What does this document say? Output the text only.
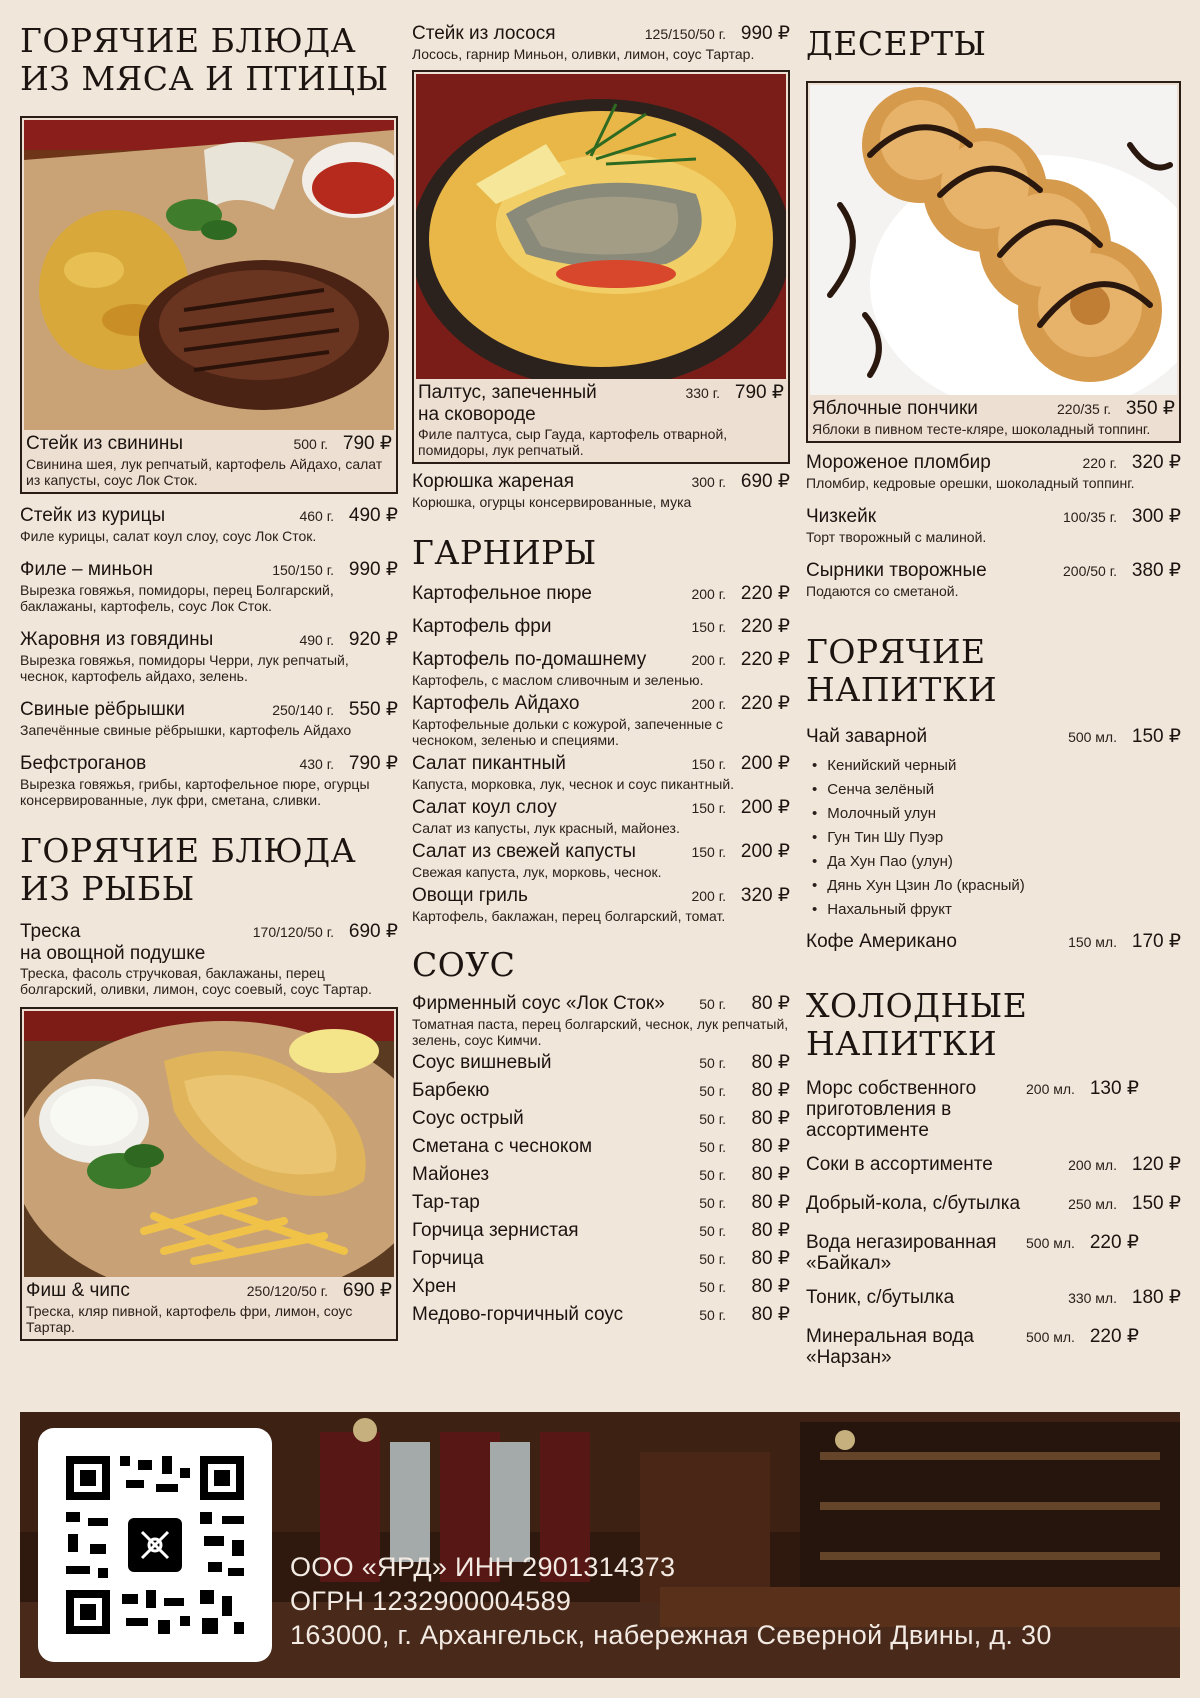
ГОРЯЧИЕ БЛЮДА
ИЗ МЯСА И ПТИЦЫ
Стейк из свинины	500 г. 790 ₽
Свинина шея, лук репчатый, картофель Айдахо, салат из капусты, соус Лок Сток.
Стейк из курицы	460 г. 490 ₽
Филе курицы, салат коул слоу, соус Лок Сток.
Филе – миньон	150/150 г. 990 ₽
Вырезка говяжья, помидоры, перец Болгарский, баклажаны, картофель, соус Лок Сток.
Жаровня из говядины	490 г. 920 ₽
Вырезка говяжья, помидоры Черри, лук репчатый, чеснок, картофель айдахо, зелень.
Свиные рёбрышки	250/140 г. 550 ₽
Запечённые свиные рёбрышки, картофель Айдахо
Бефстроганов	430 г. 790 ₽
Вырезка говяжья, грибы, картофельное пюре, огурцы консервированные, лук фри, сметана, сливки.
ГОРЯЧИЕ БЛЮДА
ИЗ РЫБЫ
Треска	170/120/50 г. 690 ₽
на овощной подушке
Треска, фасоль стручковая, баклажаны, перец болгарский, оливки, лимон, соус соевый, соус Тартар.
Фиш & чипс	250/120/50 г. 690 ₽
Треска, кляр пивной, картофель фри, лимон, соус Тартар.
Стейк из лосося	125/150/50 г. 990 ₽
Лосось, гарнир Миньон, оливки, лимон, соус Тартар.
Палтус, запеченный	330 г. 790 ₽
на сковороде
Филе палтуса, сыр Гауда, картофель отварной, помидоры, лук репчатый.
Корюшка жареная	300 г. 690 ₽
Корюшка, огурцы консервированные, мука
ГАРНИРЫ
Картофельное пюре	200 г. 220 ₽
Картофель фри	150 г. 220 ₽
Картофель по-домашнему	200 г. 220 ₽
Картофель, с маслом сливочным и зеленью.
Картофель Айдахо	200 г. 220 ₽
Картофельные дольки с кожурой, запеченные с чесноком, зеленью и специями.
Салат пикантный	150 г. 200 ₽
Капуста, морковка, лук, чеснок и соус пикантный.
Салат коул слоу	150 г. 200 ₽
Салат из капусты, лук красный, майонез.
Салат из свежей капусты	150 г. 200 ₽
Свежая капуста, лук, морковь, чеснок.
Овощи гриль	200 г. 320 ₽
Картофель, баклажан, перец болгарский, томат.
СОУС
Фирменный соус «Лок Сток»	50 г.	80 ₽
Томатная паста, перец болгарский, чеснок, лук репчатый, зелень, соус Кимчи.
Соус вишневый	50 г.	80 ₽
Барбекю	50 г.	80 ₽
Соус острый	50 г.	80 ₽
Сметана с чесноком	50 г.	80 ₽
Майонез	50 г.	80 ₽
Тар-тар	50 г.	80 ₽
Горчица зернистая	50 г.	80 ₽
Горчица	50 г.	80 ₽
Хрен	50 г.	80 ₽
Медово-горчичный соус	50 г.	80 ₽
ДЕСЕРТЫ
Яблочные пончики	220/35 г. 350 ₽
Яблоки в пивном тесте-кляре, шоколадный топпинг.
Мороженое пломбир	220 г. 320 ₽
Пломбир, кедровые орешки, шоколадный топпинг.
Чизкейк	100/35 г. 300 ₽
Торт творожный с малиной.
Сырники творожные	200/50 г. 380 ₽
Подаются со сметаной.
ГОРЯЧИЕ НАПИТКИ
Чай заварной	500 мл. 150 ₽
• Кенийский черный
• Сенча зелёный
• Молочный улун
• Гун Тин Шу Пуэр
• Да Хун Пао (улун)
• Дянь Хун Цзин Ло (красный)
• Нахальный фрукт
Кофе Американо	150 мл. 170 ₽
ХОЛОДНЫЕ НАПИТКИ
Морс собственного приготовления в ассортименте
200 мл. 130 ₽
Соки в ассортименте	200 мл. 120 ₽
Добрый-кола, с/бутылка	250 мл. 150 ₽
Вода негазированная «Байкал»
500 мл. 220 ₽
Тоник, с/бутылка	330 мл. 180 ₽
Минеральная вода «Нарзан»
500 мл. 220 ₽
ООО «ЯРД» ИНН 2901314373
ОГРН 1232900004589
163000, г. Архангельск, набережная Северной Двины, д. 30
